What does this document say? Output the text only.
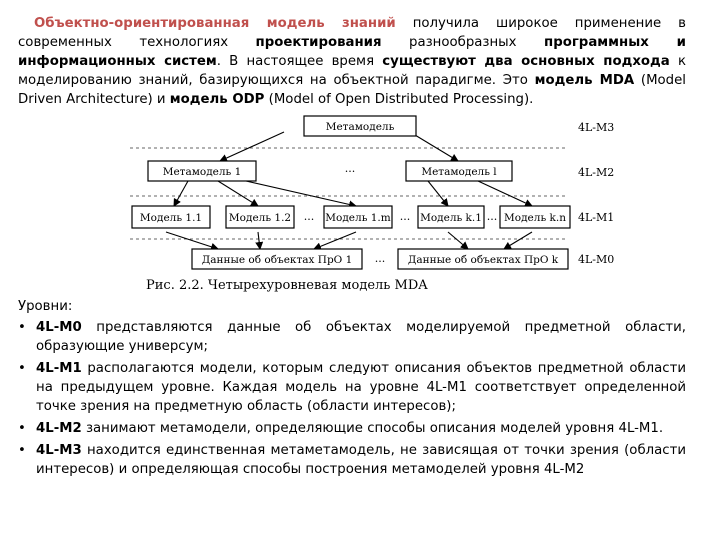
Объектно-ориентированная модель знаний получила широкое применение в современных технологиях проектирования разнообразных программных и информационных систем. В настоящее время существуют два основных подхода к моделированию знаний, базирующихся на объектной парадигме. Это модель MDA (Model Driven Architecture) и модель ODP (Model of Open Distributed Processing).

Метамодель
Метамодель 1	Метамодель l
Модель 1.1	Модель 1.2	Модель 1.m	Модель k.1 Модель k.n
Данные об объектах ПрО 1	Данные об объектах ПрО k
...
...	...	...
...
4L-M3
4L-M2
4L-M1
4L-M0
Рис. 2.2. Четырехуровневая модель MDA

Уровни:

• 4L-M0 представляются данные об объектах моделируемой предметной области, образующие универсум;
• 4L-M1 располагаются модели, которым следуют описания объектов предметной области на предыдущем уровне. Каждая модель на уровне 4L-M1 соответствует определенной точке зрения на предметную область (области интересов);
• 4L-M2 занимают метамодели, определяющие способы описания моделей уровня 4L-M1.
• 4L-M3 находится единственная метаметамодель, не зависящая от точки зрения (области интересов) и определяющая способы построения метамоделей уровня 4L-M2
